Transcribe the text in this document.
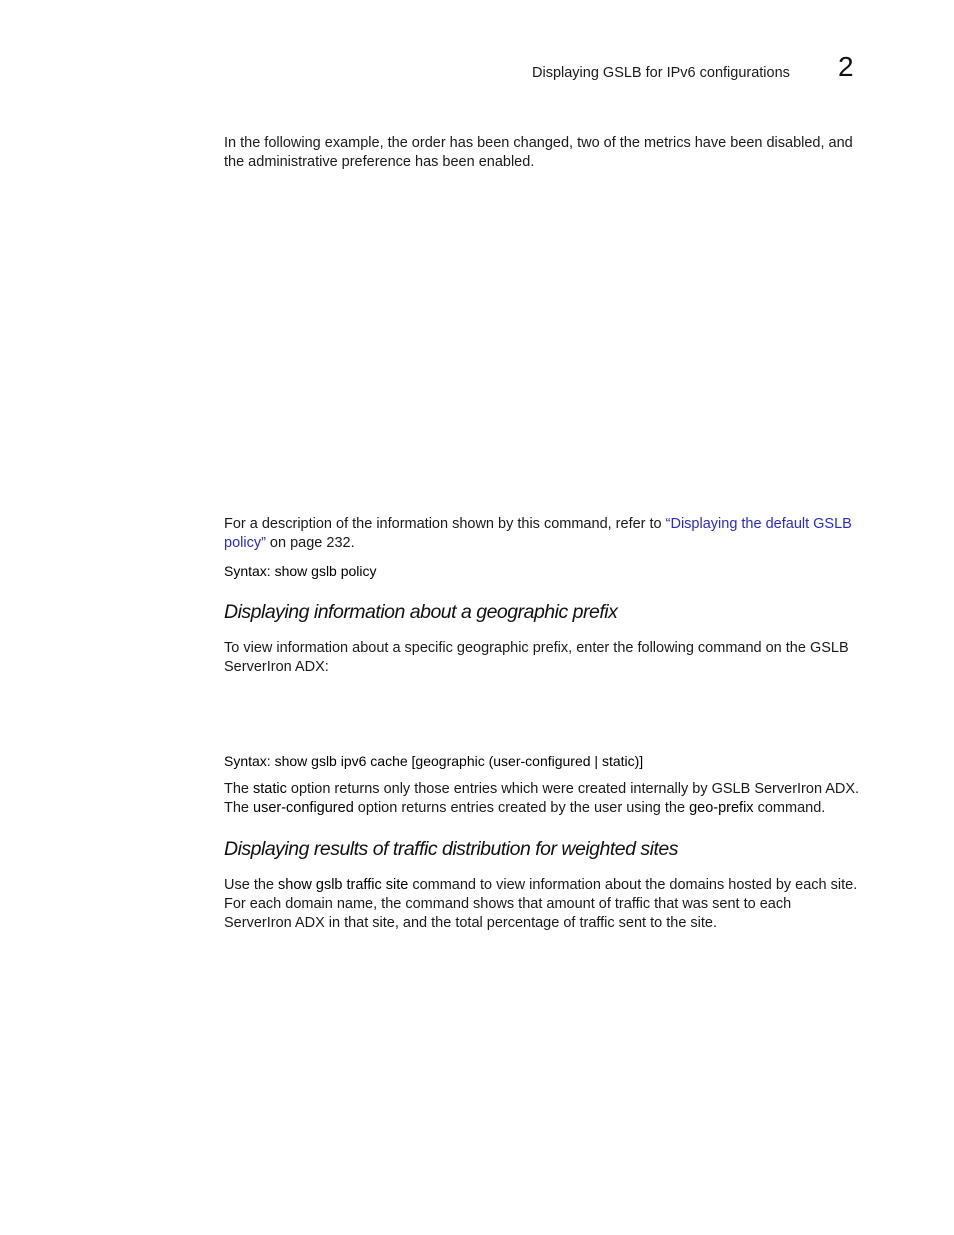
Displaying GSLB for IPv6 configurations 2
In the following example, the order has been changed, two of the metrics have been disabled, and the administrative preference has been enabled.
For a description of the information shown by this command, refer to “Displaying the default GSLB
policy” on page 232.
Syntax: show gslb policy
Displaying information about a geographic prefix
To view information about a specific geographic prefix, enter the following command on the GSLB
ServerIron ADX:
Syntax: show gslb ipv6 cache [geographic (user-configured | static)]
The static option returns only those entries which were created internally by GSLB ServerIron ADX.
The user-configured option returns entries created by the user using the geo-prefix command.
Displaying results of traffic distribution for weighted sites
Use the show gslb traffic site command to view information about the domains hosted by each site.
For each domain name, the command shows that amount of traffic that was sent to each
ServerIron ADX in that site, and the total percentage of traffic sent to the site.
